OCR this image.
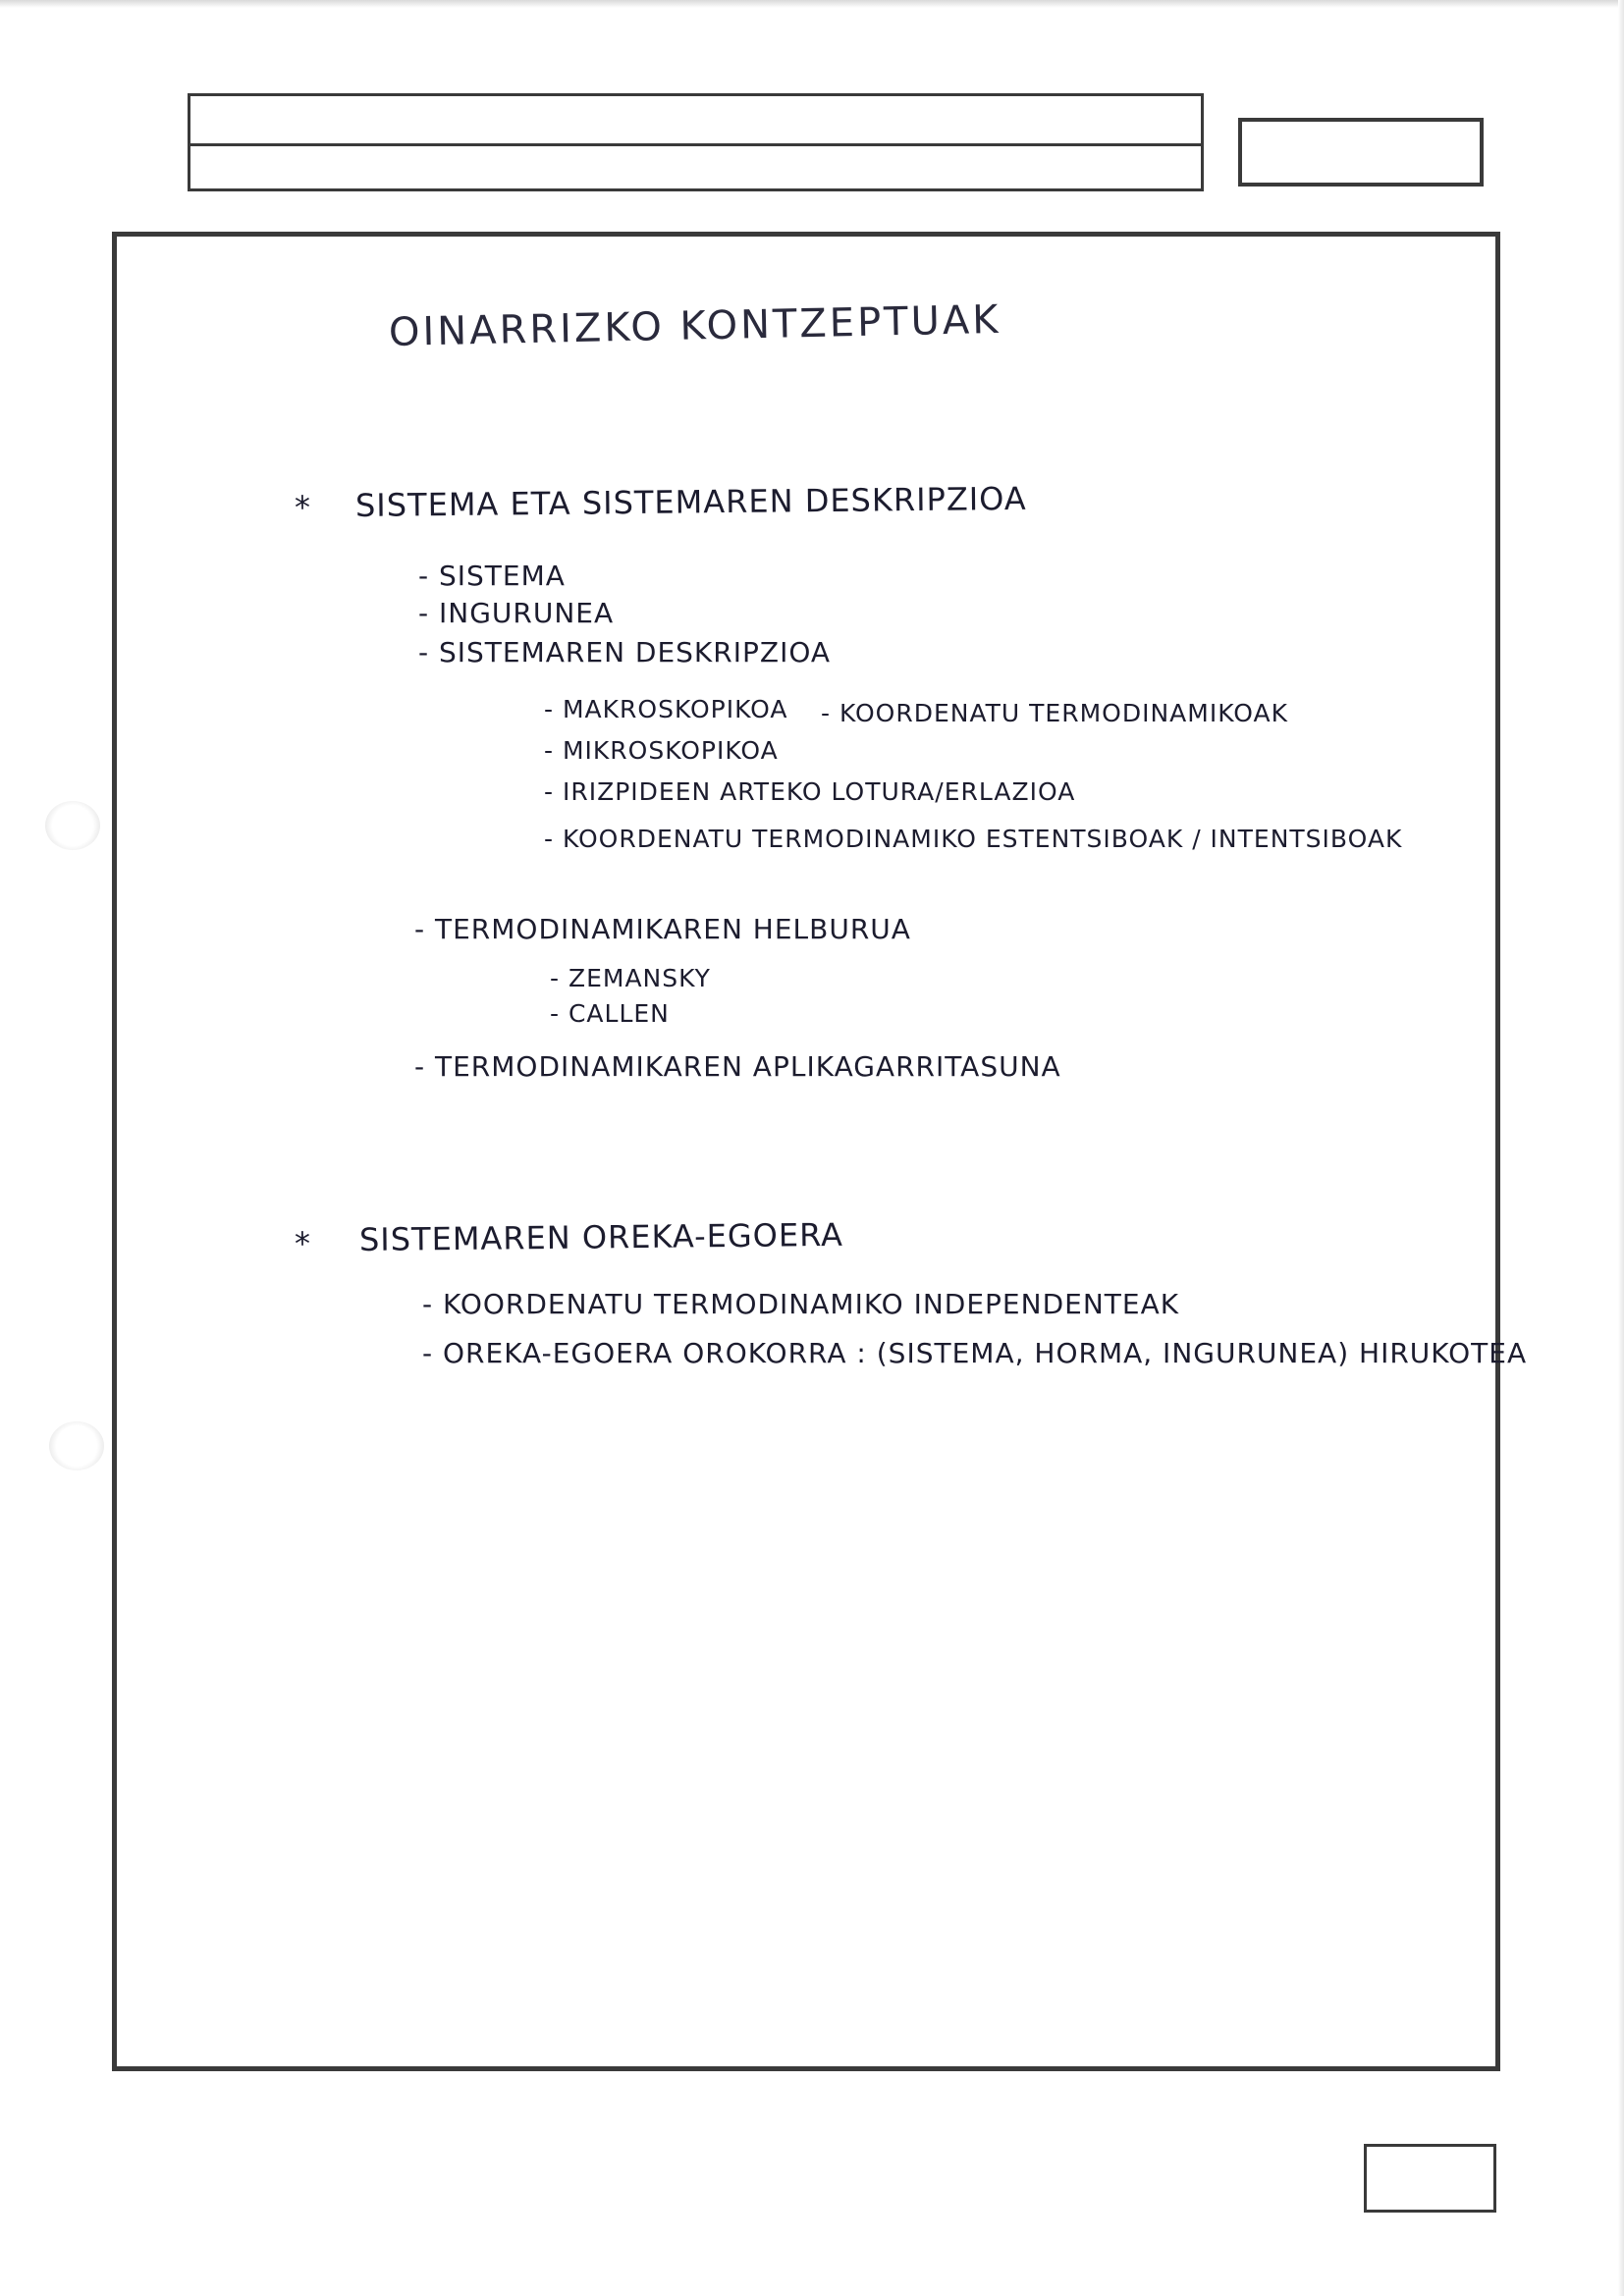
OINARRIZKO KONTZEPTUAK
* SISTEMA ETA SISTEMAREN DESKRIPZIOA
- SISTEMA
- INGURUNEA
- SISTEMAREN DESKRIPZIOA
- MAKROSKOPIKOA - KOORDENATU TERMODINAMIKOAK
- MIKROSKOPIKOA
- IRIZPIDEEN ARTEKO LOTURA/ERLAZIOA
- KOORDENATU TERMODINAMIKO ESTENTSIBOAK / INTENTSIBOAK
- TERMODINAMIKAREN HELBURUA
- ZEMANSKY
- CALLEN
- TERMODINAMIKAREN APLIKAGARRITASUNA
* SISTEMAREN OREKA-EGOERA
- KOORDENATU TERMODINAMIKO INDEPENDENTEAK
- OREKA-EGOERA OROKORRA : (SISTEMA, HORMA, INGURUNEA) HIRUKOTEA
